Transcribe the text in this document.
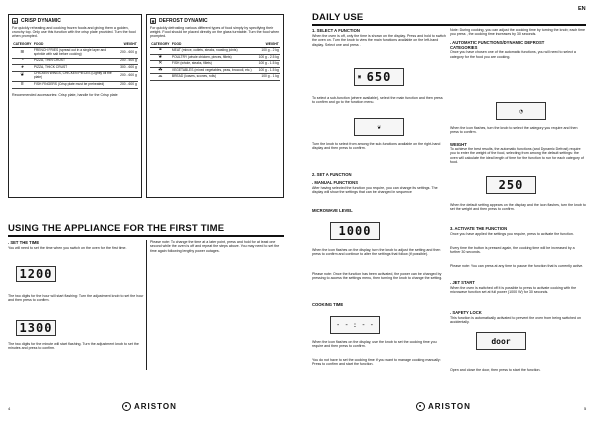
≋ CRISP DYNAMIC
For quickly reheating and cooking frozen foods and giving them a golden, crunchy top. Only use this function with the crisp plate provided. Turn the food when prompted.
CATEGORY	FOOD	WEIGHT
≋	FRENCH FRIES (spread out in a single layer and sprinkle with salt before cooking)	200 - 600 g
◔	PIZZA, THIN CRUST	200 - 500 g
◕	PIZZA, THICK CRUST	300 - 600 g
❦	CHICKEN WINGS, CHICKEN PIECES (Lightly oil the plate)	200 - 600 g
≡	FISH FINGERS (Crisp plate must be preheated)	200 - 600 g
Recommended accessories: Crisp plate, handle for the Crisp plate
❄ DEFROST DYNAMIC
For quickly defrosting various different types of food simply by specifying their weight. Food should be placed directly on the glass turntable. Turn the food when prompted.
CATEGORY	FOOD	WEIGHT
⚭	MEAT (mince, cutlets, steaks, roasting joints)	100 g - 2 kg
❦	POULTRY (whole chicken, pieces, fillets)	100 g - 2.5 kg
✕	FISH (whole, steaks, fillets)	100 g - 1.5 kg
☘	VEGETABLES (mixed vegetables, peas, broccoli, etc.)	100 g - 1.5 kg
⌓	BREAD (loaves, scones, rolls)	100 g - 1 kg
USING THE APPLIANCE FOR THE FIRST TIME
. SET THE TIME
You will need to set the time when you switch on the oven for the first time.
1200
The two digits for the hour will start flashing: Turn the adjustment knob to set the hour and then press to confirm.
1300
The two digits for the minute will start flashing. Turn the adjustment knob to set the minutes and press to confirm.
Please note: To change the time at a later point, press and hold for at least one second while the oven is off and repeat the steps above. You may need to set the time again following lengthy power outages.
4	ARISTON
DAILY USE
EN
1. SELECT A FUNCTION
When the oven is off, only the time is shown on the display. Press and hold to switch the oven on. Turn the knob to view the main functions available on the left-hand display. Select one and press .
▣ 650
To select a sub-function (where available), select the main function and then press to confirm and go to the function menu.
❦
Turn the knob to select from among the sub-functions available on the right-hand display and then press to confirm.
2. SET A FUNCTION
. MANUAL FUNCTIONS
After having selected the function you require, you can change its settings. The display will show the settings that can be changed in sequence
MICROWAVE LEVEL
1000
When the icon flashes on the display, turn the knob to adjust the setting and then press to confirm and continue to alter the settings that follow (if possible).
Please note: Once the function has been activated, the power can be changed by pressing to access the settings menu, then turning the knob to change the setting.
COOKING TIME
- - : - -
When the icon flashes on the display, use the knob to set the cooking time you require and then press to confirm.
You do not have to set the cooking time if you want to manage cooking manually: Press to confirm and start the function.
Note: During cooking, you can adjust the cooking time by turning the knob; each time you press , the cooking time increases by 30 seconds.
. AUTOMATIC FUNCTIONS/DYNAMIC DEFROST
CATEGORIES
Once you have chosen one of the automatic functions, you will need to select a category for the food you are cooking.
◔
When the icon flashes, turn the knob to select the category you require and then press to confirm.
WEIGHT
To achieve the best results, the automatic functions (and Dynamic Defrost) require you to enter the weight of the food, selecting from among the default settings: the oven will calculate the ideal length of time for the function to run for each category of food.
250
When the default setting appears on the display and the icon flashes, turn the knob to set the weight and then press to confirm.
3. ACTIVATE THE FUNCTION
Once you have applied the settings you require, press to activate the function.
Every time the button is pressed again, the cooking time will be increased by a further 30 seconds.
Please note: You can press at any time to pause the function that is currently active.
. JET START
When the oven is switched off it is possible to press to activate cooking with the microwave function set at full power (1000 W) for 30 seconds.
. SAFETY LOCK
This function is automatically activated to prevent the oven from being switched on accidentally.
door
Open and close the door, then press to start the function.
5
ARISTON
